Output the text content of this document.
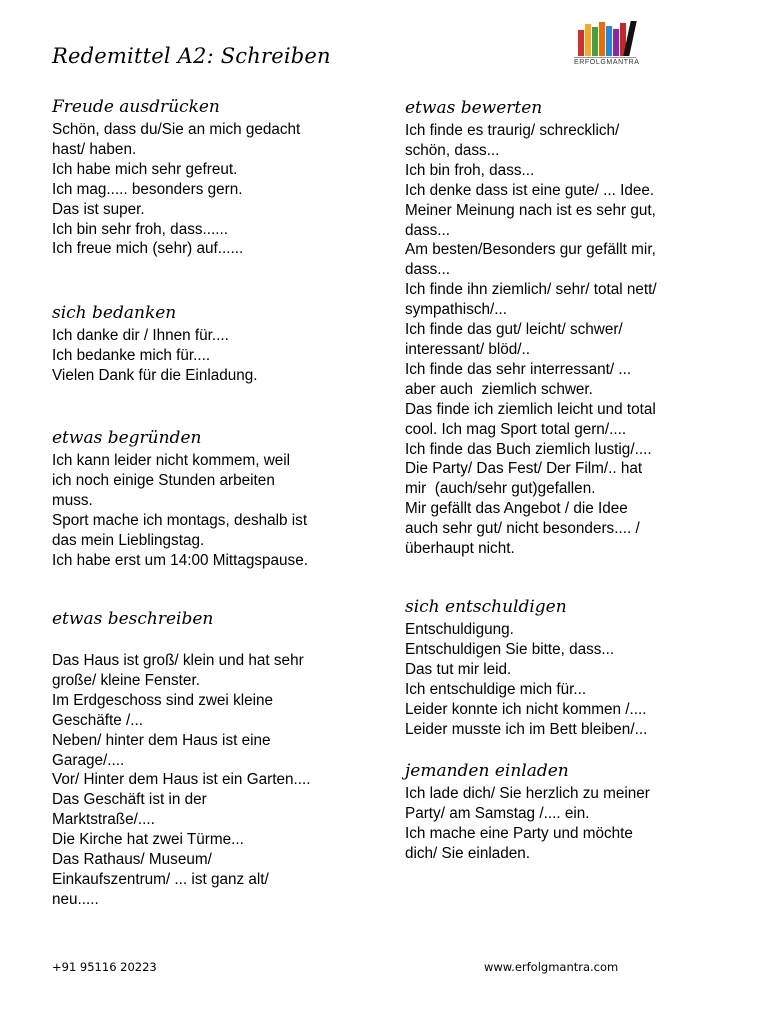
Redemittel A2: Schreiben	ERFOLGMANTRA
Freude ausdrücken
Schön, dass du/Sie an mich gedacht
hast/ haben.
Ich habe mich sehr gefreut.
Ich mag..... besonders gern.
Das ist super.
Ich bin sehr froh, dass......
Ich freue mich (sehr) auf......
sich bedanken
Ich danke dir / Ihnen für....
Ich bedanke mich für....
Vielen Dank für die Einladung.
etwas begründen
Ich kann leider nicht kommem, weil
ich noch einige Stunden arbeiten
muss.
Sport mache ich montags, deshalb ist
das mein Lieblingstag.
Ich habe erst um 14:00 Mittagspause.
etwas beschreiben
Das Haus ist groß/ klein und hat sehr
große/ kleine Fenster.
Im Erdgeschoss sind zwei kleine
Geschäfte /...
Neben/ hinter dem Haus ist eine
Garage/....
Vor/ Hinter dem Haus ist ein Garten....
Das Geschäft ist in der
Marktstraße/....
Die Kirche hat zwei Türme...
Das Rathaus/ Museum/
Einkaufszentrum/ ... ist ganz alt/
neu.....
etwas bewerten
Ich finde es traurig/ schrecklich/
schön, dass...
Ich bin froh, dass...
Ich denke dass ist eine gute/ ... Idee.
Meiner Meinung nach ist es sehr gut,
dass...
Am besten/Besonders gur gefällt mir,
dass...
Ich finde ihn ziemlich/ sehr/ total nett/
sympathisch/...
Ich finde das gut/ leicht/ schwer/
interessant/ blöd/..
Ich finde das sehr interressant/ ...
aber auch  ziemlich schwer.
Das finde ich ziemlich leicht und total
cool. Ich mag Sport total gern/....
Ich finde das Buch ziemlich lustig/....
Die Party/ Das Fest/ Der Film/.. hat
mir  (auch/sehr gut)gefallen.
Mir gefällt das Angebot / die Idee
auch sehr gut/ nicht besonders.... /
überhaupt nicht.
sich entschuldigen
Entschuldigung.
Entschuldigen Sie bitte, dass...
Das tut mir leid.
Ich entschuldige mich für...
Leider konnte ich nicht kommen /....
Leider musste ich im Bett bleiben/...
jemanden einladen
Ich lade dich/ Sie herzlich zu meiner
Party/ am Samstag /.... ein.
Ich mache eine Party und möchte
dich/ Sie einladen.
+91 95116 20223	www.erfolgmantra.com
